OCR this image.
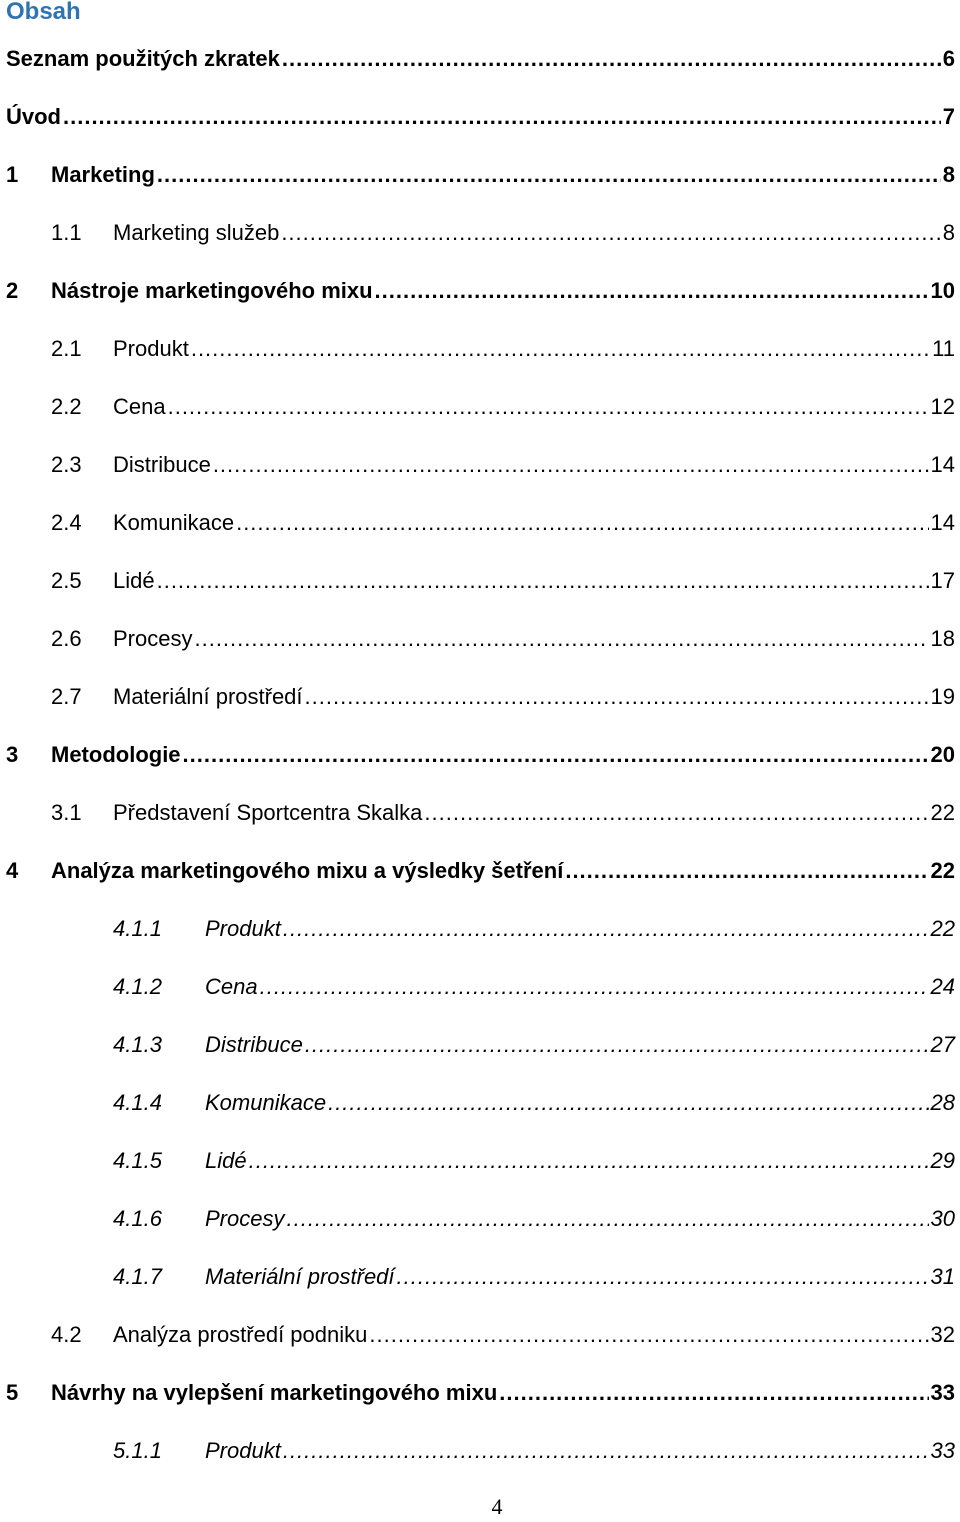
Obsah
Seznam použitých zkratek .....	6
Úvod .....	7
1	Marketing .....	8
1.1	Marketing služeb .....	8
2	Nástroje marketingového mixu .....	10
2.1	Produkt .....	11
2.2	Cena .....	12
2.3	Distribuce .....	14
2.4	Komunikace .....	14
2.5	Lidé .....	17
2.6	Procesy .....	18
2.7	Materiální prostředí .....	19
3	Metodologie .....	20
3.1	Představení Sportcentra Skalka .....	22
4	Analýza marketingového mixu a výsledky šetření .....	22
4.1.1	Produkt .....	22
4.1.2	Cena .....	24
4.1.3	Distribuce .....	27
4.1.4	Komunikace .....	28
4.1.5	Lidé .....	29
4.1.6	Procesy .....	30
4.1.7	Materiální prostředí .....	31
4.2	Analýza prostředí podniku .....	32
5	Návrhy na vylepšení marketingového mixu .....	33
5.1.1	Produkt .....	33

4
